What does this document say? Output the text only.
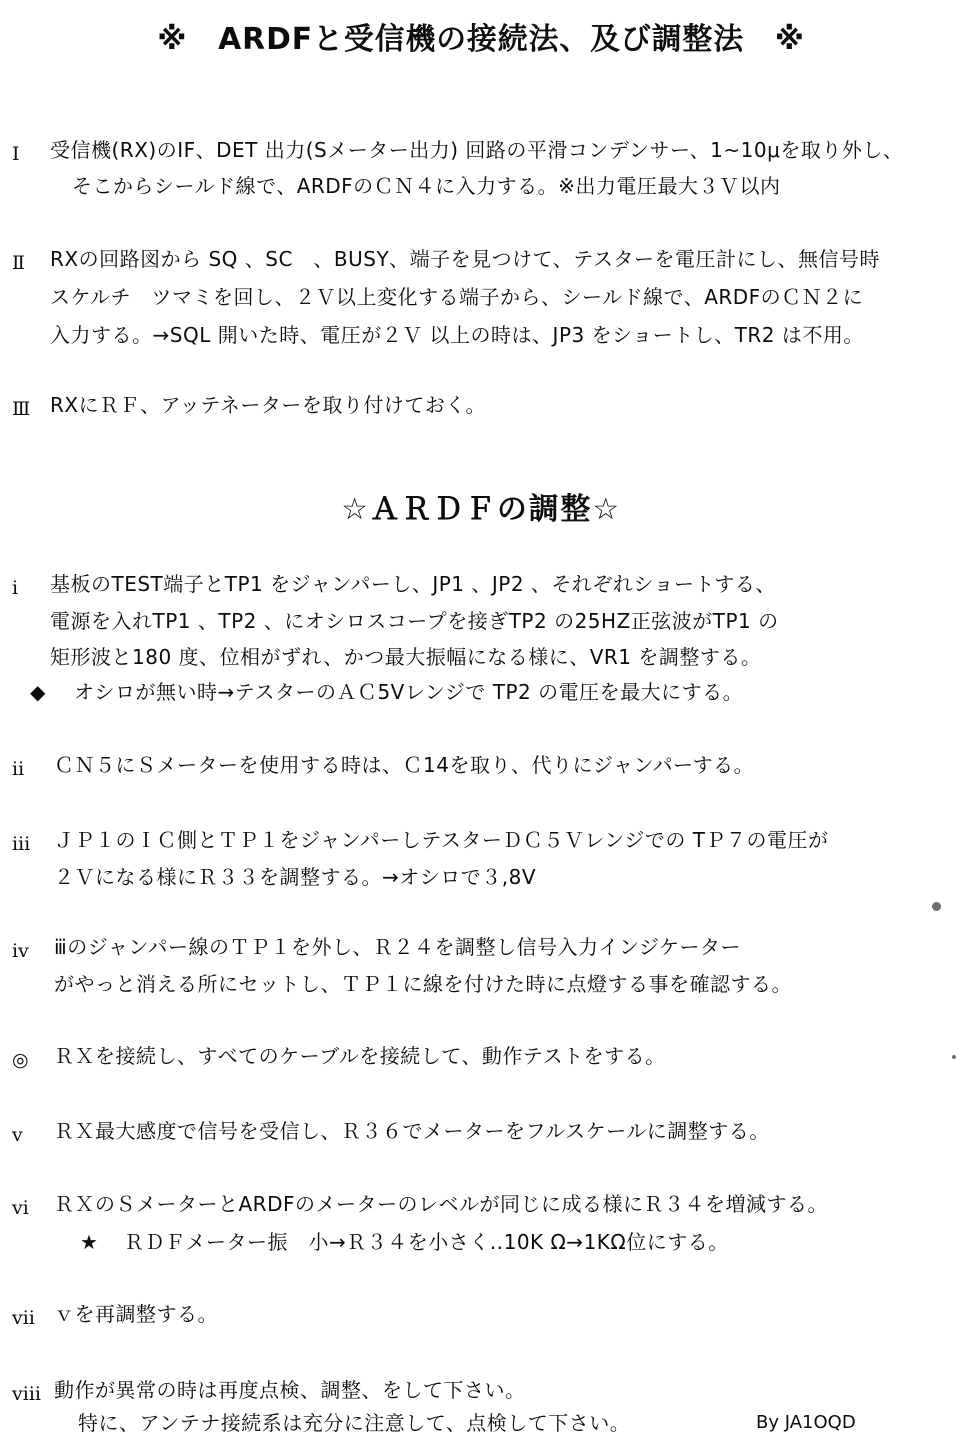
※　ARDFと受信機の接続法、及び調整法　※
Ⅰ 受信機(RX)のIF、DET 出力(Sメーター出力) 回路の平滑コンデンサー、1~10μを取り外し、
そこからシールド線で、ARDFのＣＮ４に入力する。※出力電圧最大３Ｖ以内
Ⅱ RXの回路図から SQ 、SC　、BUSY、端子を見つけて、テスターを電圧計にし、無信号時
スケルチ　ツマミを回し、２Ｖ以上変化する端子から、シールド線で、ARDFのＣＮ２に
入力する。→SQL 開いた時、電圧が２Ｖ 以上の時は、JP3 をショートし、TR2 は不用。
Ⅲ RXにＲＦ、アッテネーターを取り付けておく。
☆ＡＲＤＦの調整☆
ⅰ 基板のTEST端子とTP1 をジャンパーし、JP1 、JP2 、それぞれショートする、
電源を入れTP1 、TP2 、にオシロスコープを接ぎTP2 の25HZ正弦波がTP1 の
矩形波と180 度、位相がずれ、かつ最大振幅になる様に、VR1 を調整する。
◆ オシロが無い時→テスターのＡＣ5Vレンジで TP2 の電圧を最大にする。
ⅱ ＣＮ５にＳメーターを使用する時は、Ｃ14を取り、代りにジャンパーする。
ⅲ ＪＰ１のＩＣ側とＴＰ１をジャンパーしテスターＤＣ５Ｖレンジでの TＰ７の電圧が
２Ｖになる様にＲ３３を調整する。→オシロで３,8V
ⅳ ⅲのジャンパー線のＴＰ１を外し、Ｒ２４を調整し信号入力インジケーター
がやっと消える所にセットし、ＴＰ１に線を付けた時に点燈する事を確認する。
◎ ＲＸを接続し、すべてのケーブルを接続して、動作テストをする。
ⅴ ＲＸ最大感度で信号を受信し、Ｒ３６でメーターをフルスケールに調整する。
ⅵ ＲＸのＳメーターとARDFのメーターのレベルが同じに成る様にＲ３４を増減する。
★ ＲＤＦメーター振　小→Ｒ３４を小さく‥10K Ω→1KΩ位にする。
ⅶ ｖを再調整する。
ⅷ 動作が異常の時は再度点検、調整、をして下さい。
特に、アンテナ接続系は充分に注意して、点検して下さい。	By JA1OQD
